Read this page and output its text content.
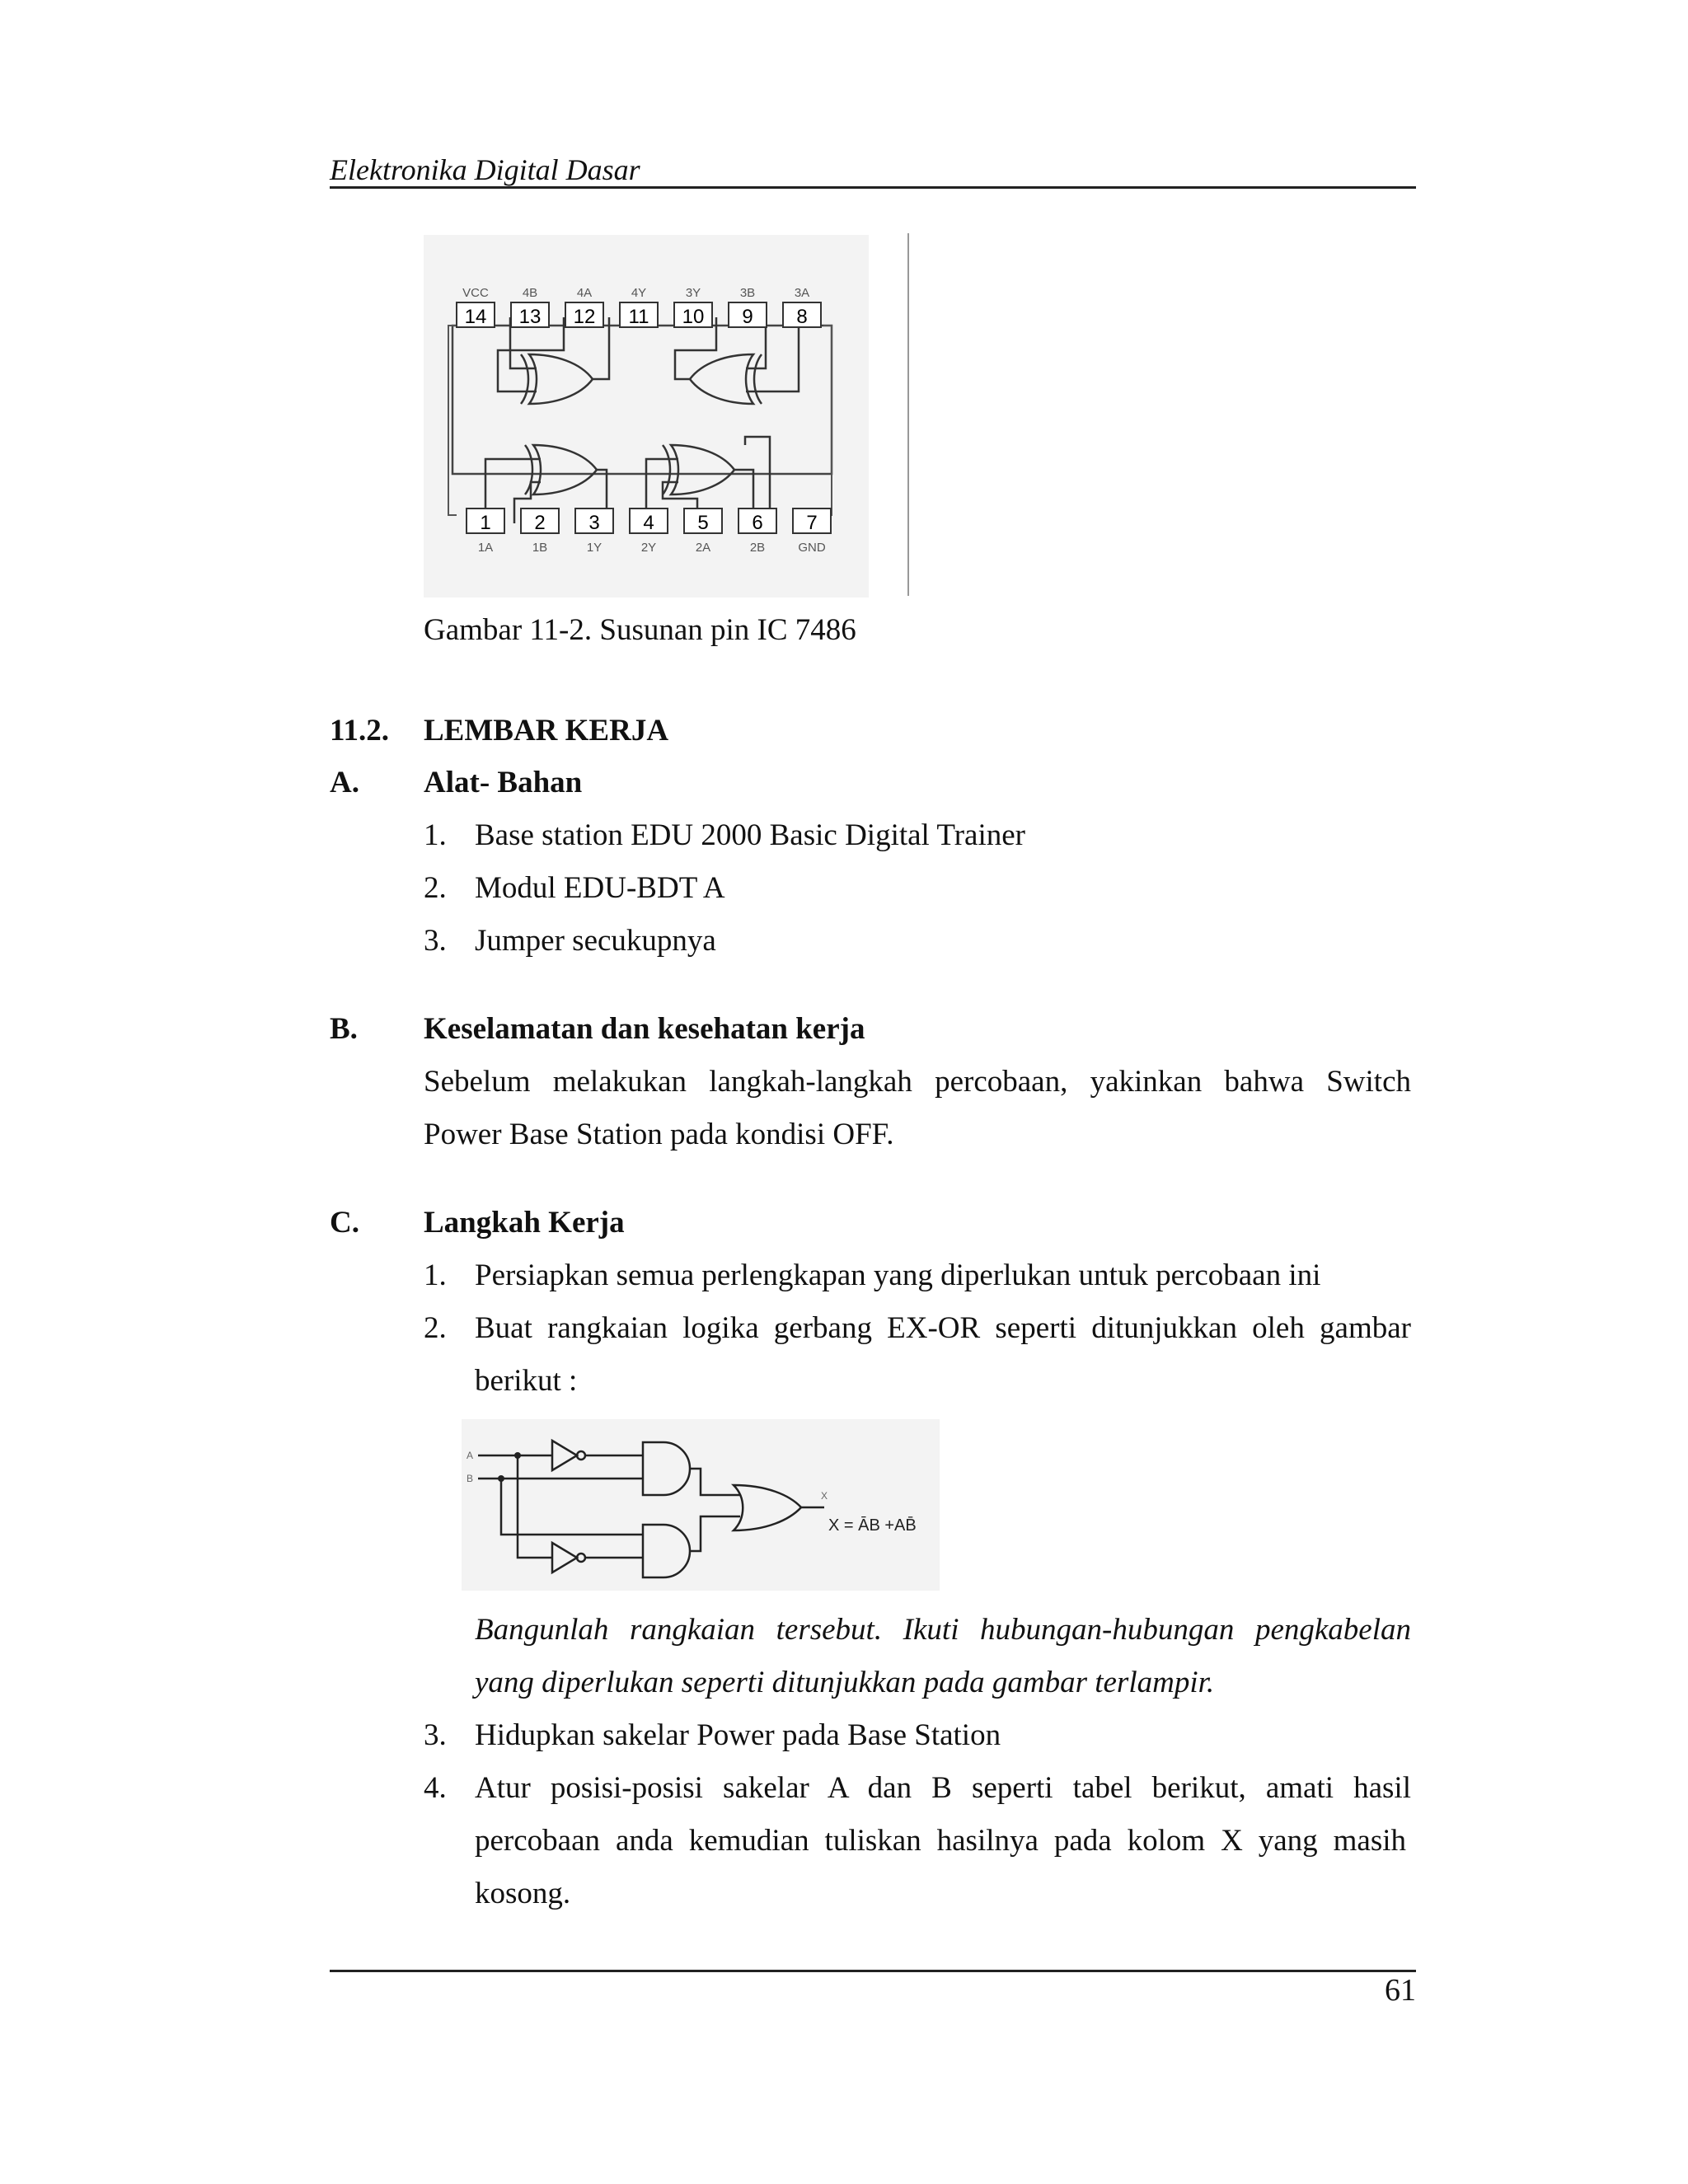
Elektronika Digital Dasar
14
VCC
13
4B
12
4A
11
4Y
10
3Y
9
3B
8
3A
1
1A
2
1B
3
1Y
4
2Y
5
2A
6
2B
7
GND
Gambar 11-2. Susunan pin IC 7486
11.2. LEMBAR KERJA
A. Alat- Bahan
1. Base station EDU 2000 Basic Digital Trainer
2. Modul EDU-BDT A
3. Jumper secukupnya
B. Keselamatan dan kesehatan kerja
Sebelum melakukan langkah-langkah percobaan, yakinkan bahwa Switch
Power Base Station pada kondisi OFF.
C. Langkah Kerja
1. Persiapkan semua perlengkapan yang diperlukan untuk percobaan ini
2. Buat rangkaian logika gerbang EX-OR seperti ditunjukkan oleh gambar
berikut :
A
B
X
X = ĀB +AB̄
Bangunlah rangkaian tersebut. Ikuti hubungan-hubungan pengkabelan
yang diperlukan seperti ditunjukkan pada gambar terlampir.
3. Hidupkan sakelar Power pada Base Station
4. Atur posisi-posisi sakelar A dan B seperti tabel berikut, amati hasil
percobaan anda kemudian tuliskan hasilnya pada kolom X yang masih
kosong.
61
